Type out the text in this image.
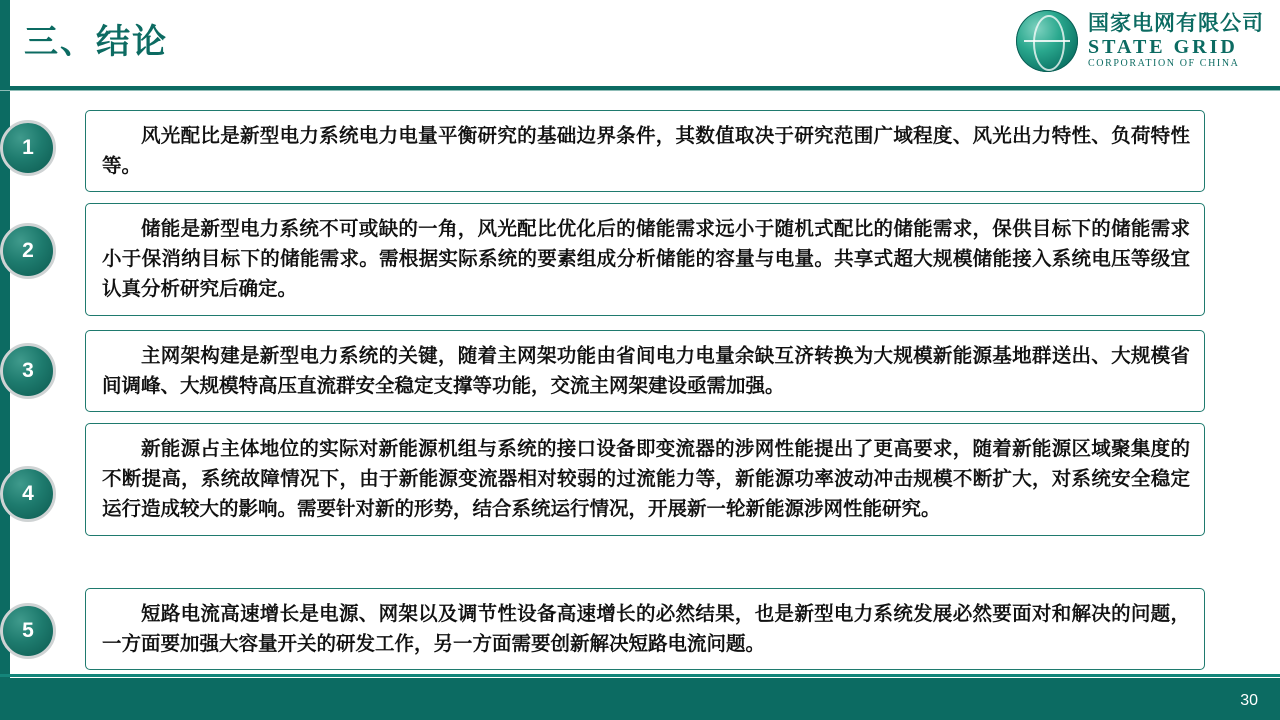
三、结论	国家电网有限公司
STATE GRID
CORPORATION OF CHINA
1	风光配比是新型电力系统电力电量平衡研究的基础边界条件，其数值取决于研究范围广域程度、风光出力特性、负荷特性等。

2

储能是新型电力系统不可或缺的一角，风光配比优化后的储能需求远小于随机式配比的储能需求，保供目标下的储能需求小于保消纳目标下的储能需求。需根据实际系统的要素组成分析储能的容量与电量。共享式超大规模储能接入系统电压等级宜认真分析研究后确定。

3

主网架构建是新型电力系统的关键，随着主网架功能由省间电力电量余缺互济转换为大规模新能源基地群送出、大规模省间调峰、大规模特高压直流群安全稳定支撑等功能，交流主网架建设亟需加强。

4

新能源占主体地位的实际对新能源机组与系统的接口设备即变流器的涉网性能提出了更高要求，随着新能源区域聚集度的不断提高，系统故障情况下，由于新能源变流器相对较弱的过流能力等，新能源功率波动冲击规模不断扩大，对系统安全稳定运行造成较大的影响。需要针对新的形势，结合系统运行情况，开展新一轮新能源涉网性能研究。

5

短路电流高速增长是电源、网架以及调节性设备高速增长的必然结果，也是新型电力系统发展必然要面对和解决的问题，一方面要加强大容量开关的研发工作，另一方面需要创新解决短路电流问题。

30
